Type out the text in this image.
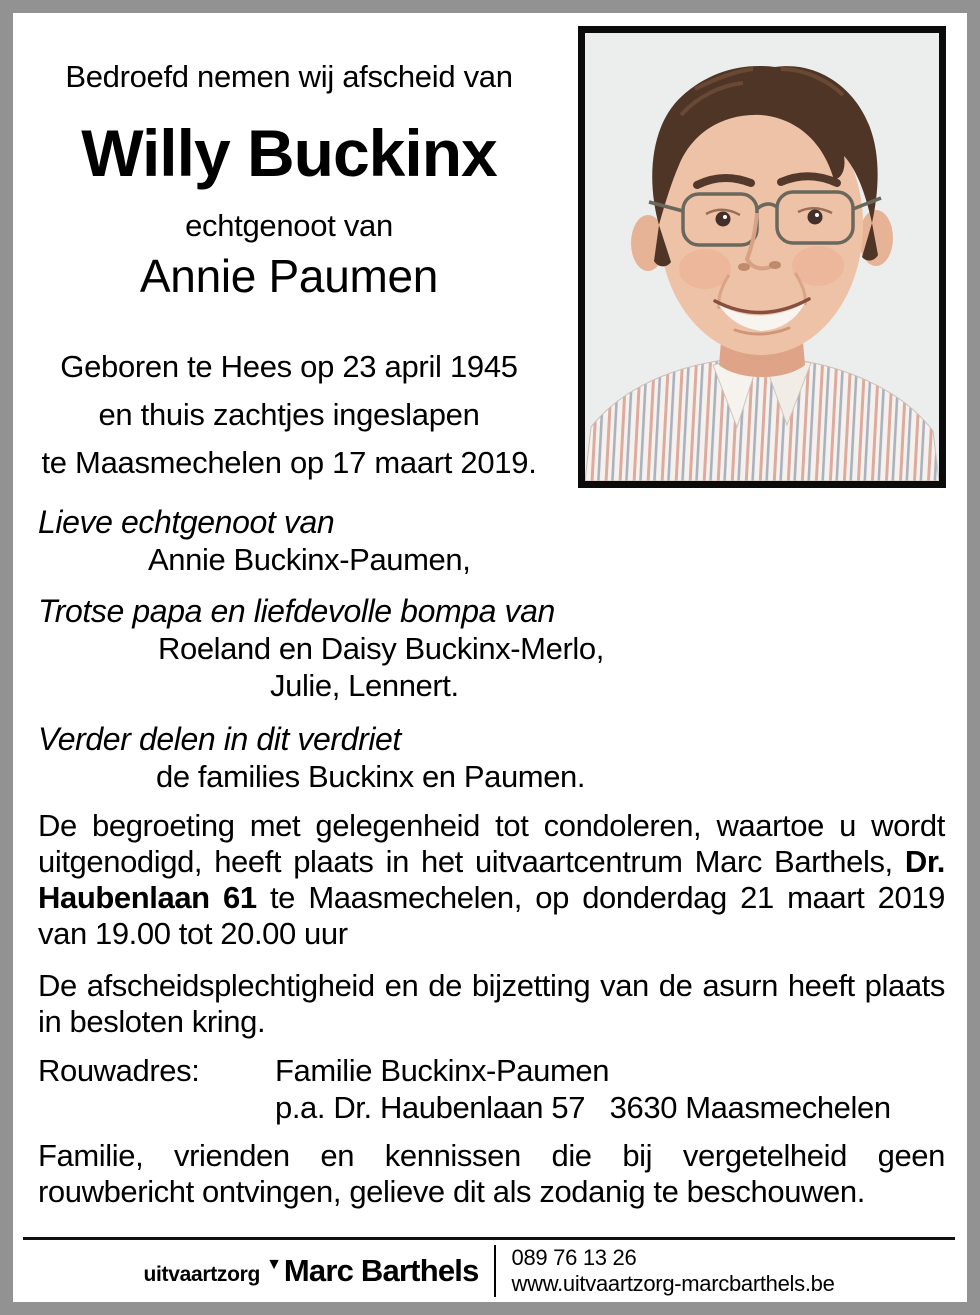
Bedroefd nemen wij afscheid van
Willy Buckinx
echtgenoot van
Annie Paumen
Geboren te Hees op 23 april 1945
en thuis zachtjes ingeslapen
te Maasmechelen op 17 maart 2019.
Lieve echtgenoot van
Annie Buckinx-Paumen,
Trotse papa en liefdevolle bompa van
Roeland en Daisy Buckinx-Merlo,
Julie, Lennert.
Verder delen in dit verdriet
de families Buckinx en Paumen.
De begroeting met gelegenheid tot condoleren, waartoe u wordt uitgenodigd, heeft plaats in het uitvaartcentrum Marc Barthels, Dr. Haubenlaan 61 te Maasmechelen, op donderdag 21 maart 2019 van 19.00 tot 20.00 uur
De afscheidsplechtigheid en de bijzetting van de asurn heeft plaats in besloten kring.
Rouwadres:	Familie Buckinx-Paumen
p.a. Dr. Haubenlaan 57   3630 Maasmechelen
Familie, vrienden en kennissen die bij vergetelheid geen rouwbericht ontvingen, gelieve dit als zodanig te beschouwen.
uitvaartzorg ▼ Marc Barthels 089 76 13 26
www.uitvaartzorg-marcbarthels.be
